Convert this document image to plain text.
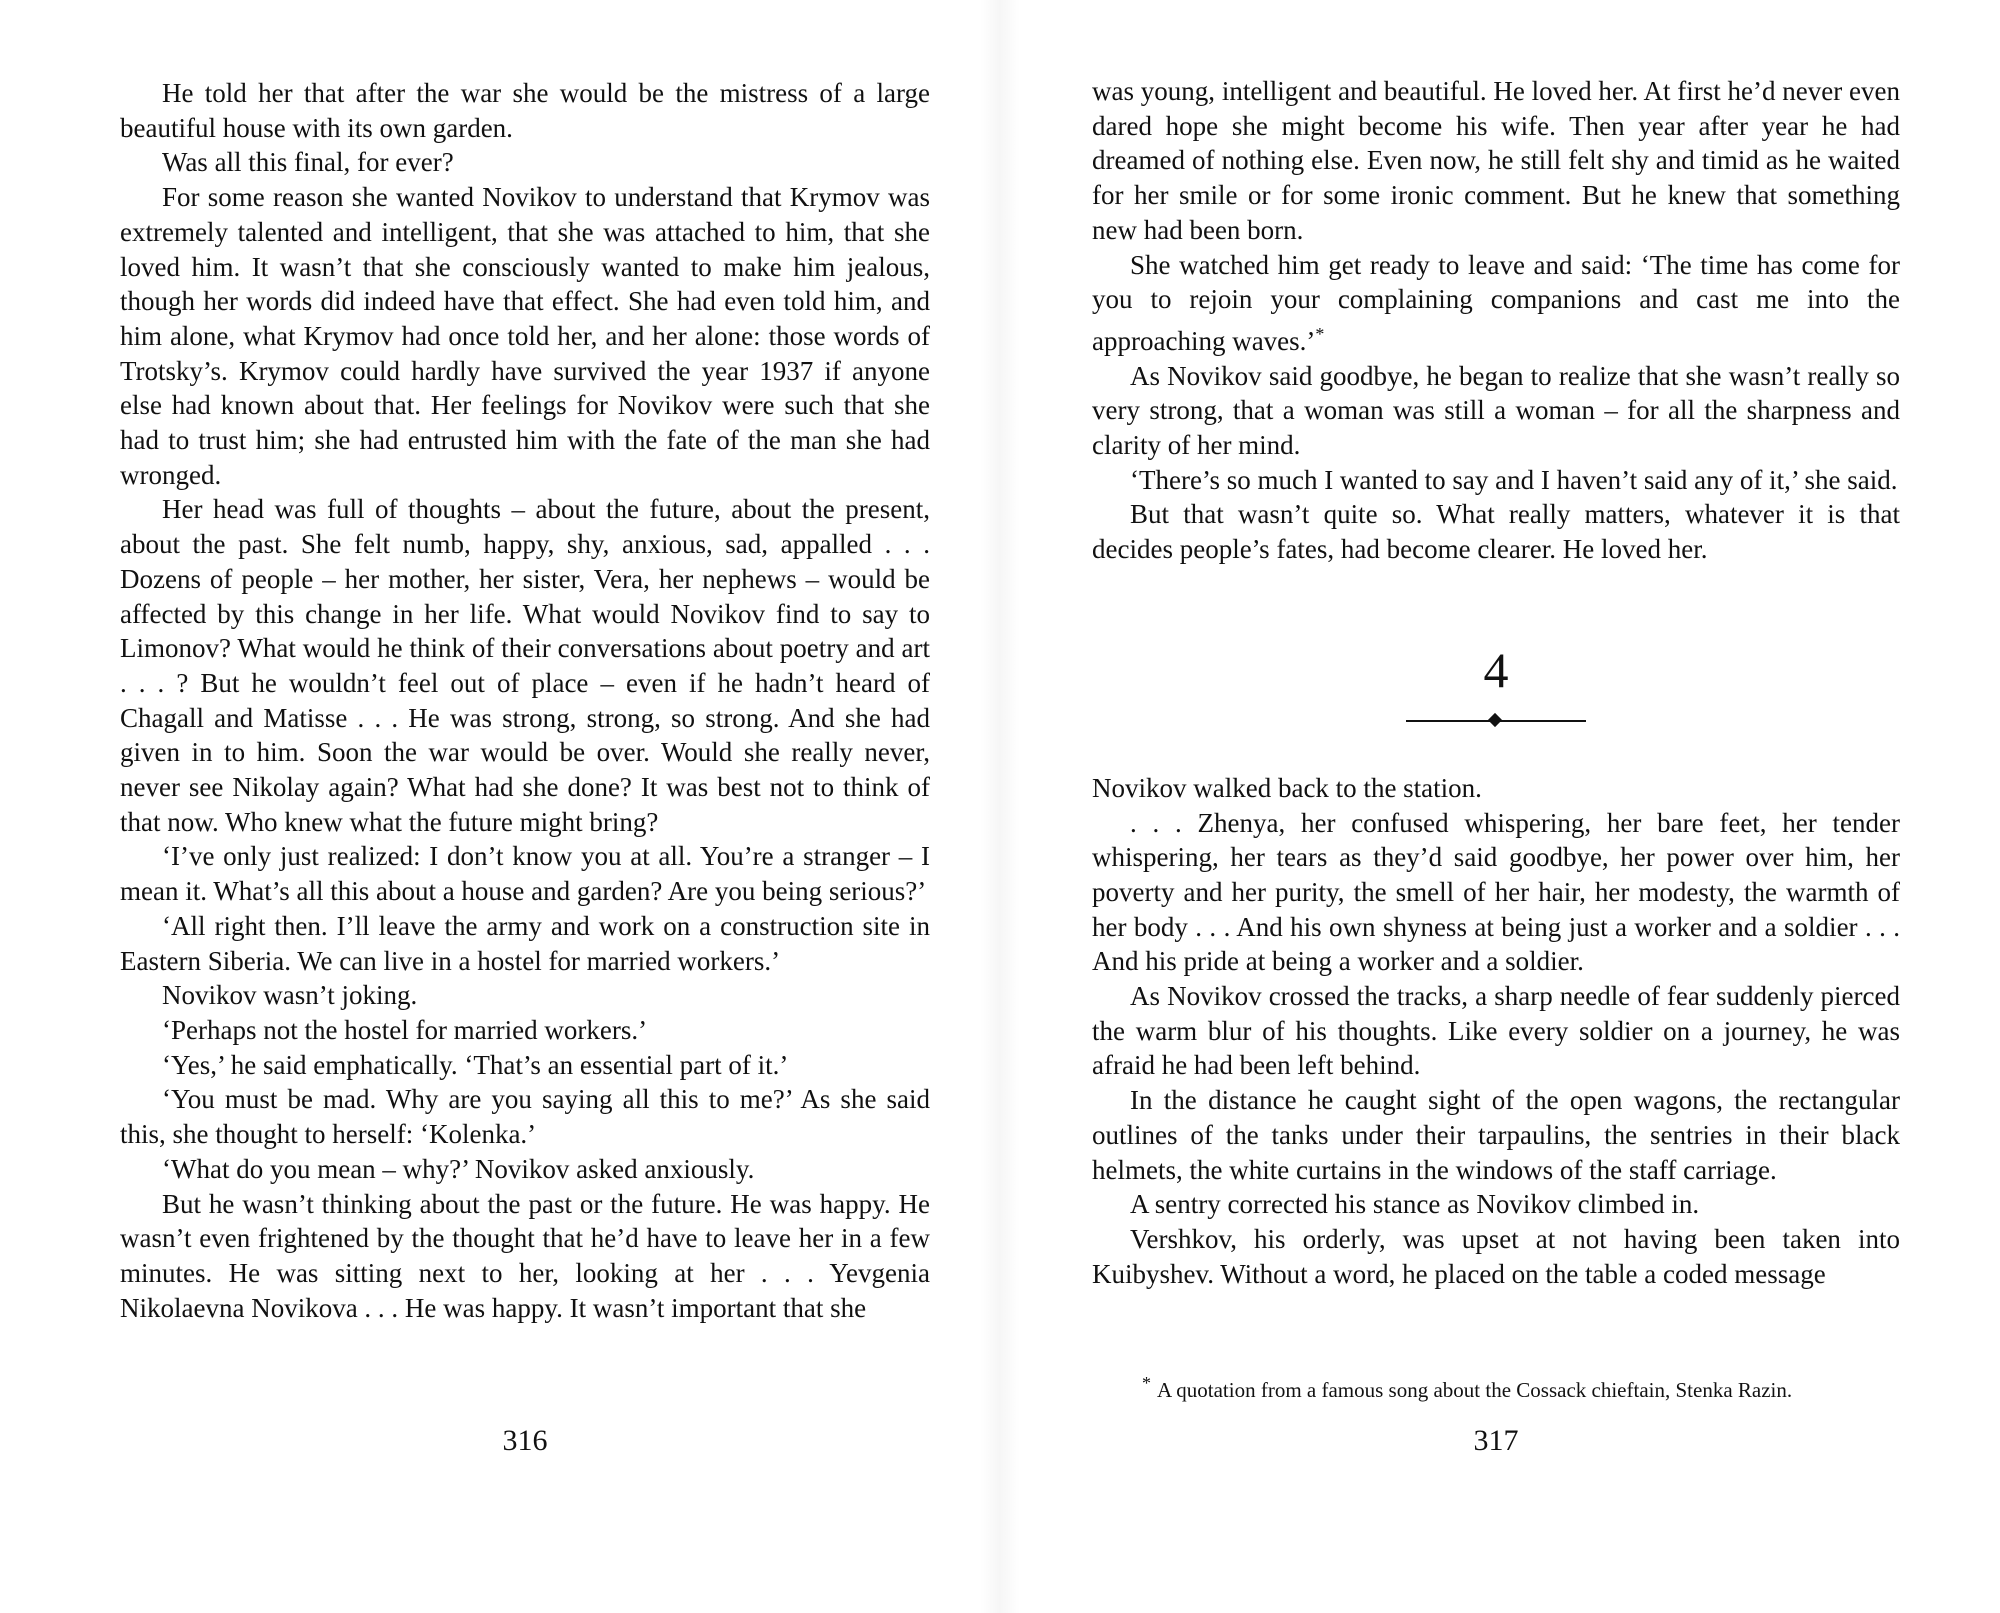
He told her that after the war she would be the mistress of a large beautiful house with its own garden.

Was all this final, for ever?

For some reason she wanted Novikov to understand that Krymov was extremely talented and intelligent, that she was attached to him, that she loved him. It wasn’t that she consciously wanted to make him jealous, though her words did indeed have that effect. She had even told him, and him alone, what Krymov had once told her, and her alone: those words of Trotsky’s. Krymov could hardly have survived the year 1937 if anyone else had known about that. Her feelings for Novikov were such that she had to trust him; she had entrusted him with the fate of the man she had wronged.

Her head was full of thoughts – about the future, about the present, about the past. She felt numb, happy, shy, anxious, sad, appalled . . . Dozens of people – her mother, her sister, Vera, her nephews – would be affected by this change in her life. What would Novikov find to say to Limonov? What would he think of their conversations about poetry and art . . . ? But he wouldn’t feel out of place – even if he hadn’t heard of Chagall and Matisse . . . He was strong, strong, so strong. And she had given in to him. Soon the war would be over. Would she really never, never see Nikolay again? What had she done? It was best not to think of that now. Who knew what the future might bring?

‘I’ve only just realized: I don’t know you at all. You’re a stranger – I mean it. What’s all this about a house and garden? Are you being serious?’

‘All right then. I’ll leave the army and work on a construction site in Eastern Siberia. We can live in a hostel for married workers.’

Novikov wasn’t joking.

‘Perhaps not the hostel for married workers.’

‘Yes,’ he said emphatically. ‘That’s an essential part of it.’

‘You must be mad. Why are you saying all this to me?’ As she said this, she thought to herself: ‘Kolenka.’

‘What do you mean – why?’ Novikov asked anxiously.

But he wasn’t thinking about the past or the future. He was happy. He wasn’t even frightened by the thought that he’d have to leave her in a few minutes. He was sitting next to her, looking at her . . . Yevgenia Nikolaevna Novikova . . . He was happy. It wasn’t important that she

316

was young, intelligent and beautiful. He loved her. At first he’d never even dared hope she might become his wife. Then year after year he had dreamed of nothing else. Even now, he still felt shy and timid as he waited for her smile or for some ironic comment. But he knew that something new had been born.

She watched him get ready to leave and said: ‘The time has come for you to rejoin your complaining companions and cast me into the approaching waves.’*

As Novikov said goodbye, he began to realize that she wasn’t really so very strong, that a woman was still a woman – for all the sharpness and clarity of her mind.

‘There’s so much I wanted to say and I haven’t said any of it,’ she said.

But that wasn’t quite so. What really matters, whatever it is that decides people’s fates, had become clearer. He loved her.

4

Novikov walked back to the station.

. . . Zhenya, her confused whispering, her bare feet, her tender whispering, her tears as they’d said goodbye, her power over him, her poverty and her purity, the smell of her hair, her modesty, the warmth of her body . . . And his own shyness at being just a worker and a soldier . . . And his pride at being a worker and a soldier.

As Novikov crossed the tracks, a sharp needle of fear suddenly pierced the warm blur of his thoughts. Like every soldier on a journey, he was afraid he had been left behind.

In the distance he caught sight of the open wagons, the rectangular outlines of the tanks under their tarpaulins, the sentries in their black helmets, the white curtains in the windows of the staff carriage.

A sentry corrected his stance as Novikov climbed in.

Vershkov, his orderly, was upset at not having been taken into Kuibyshev. Without a word, he placed on the table a coded message

* A quotation from a famous song about the Cossack chieftain, Stenka Razin.

317
